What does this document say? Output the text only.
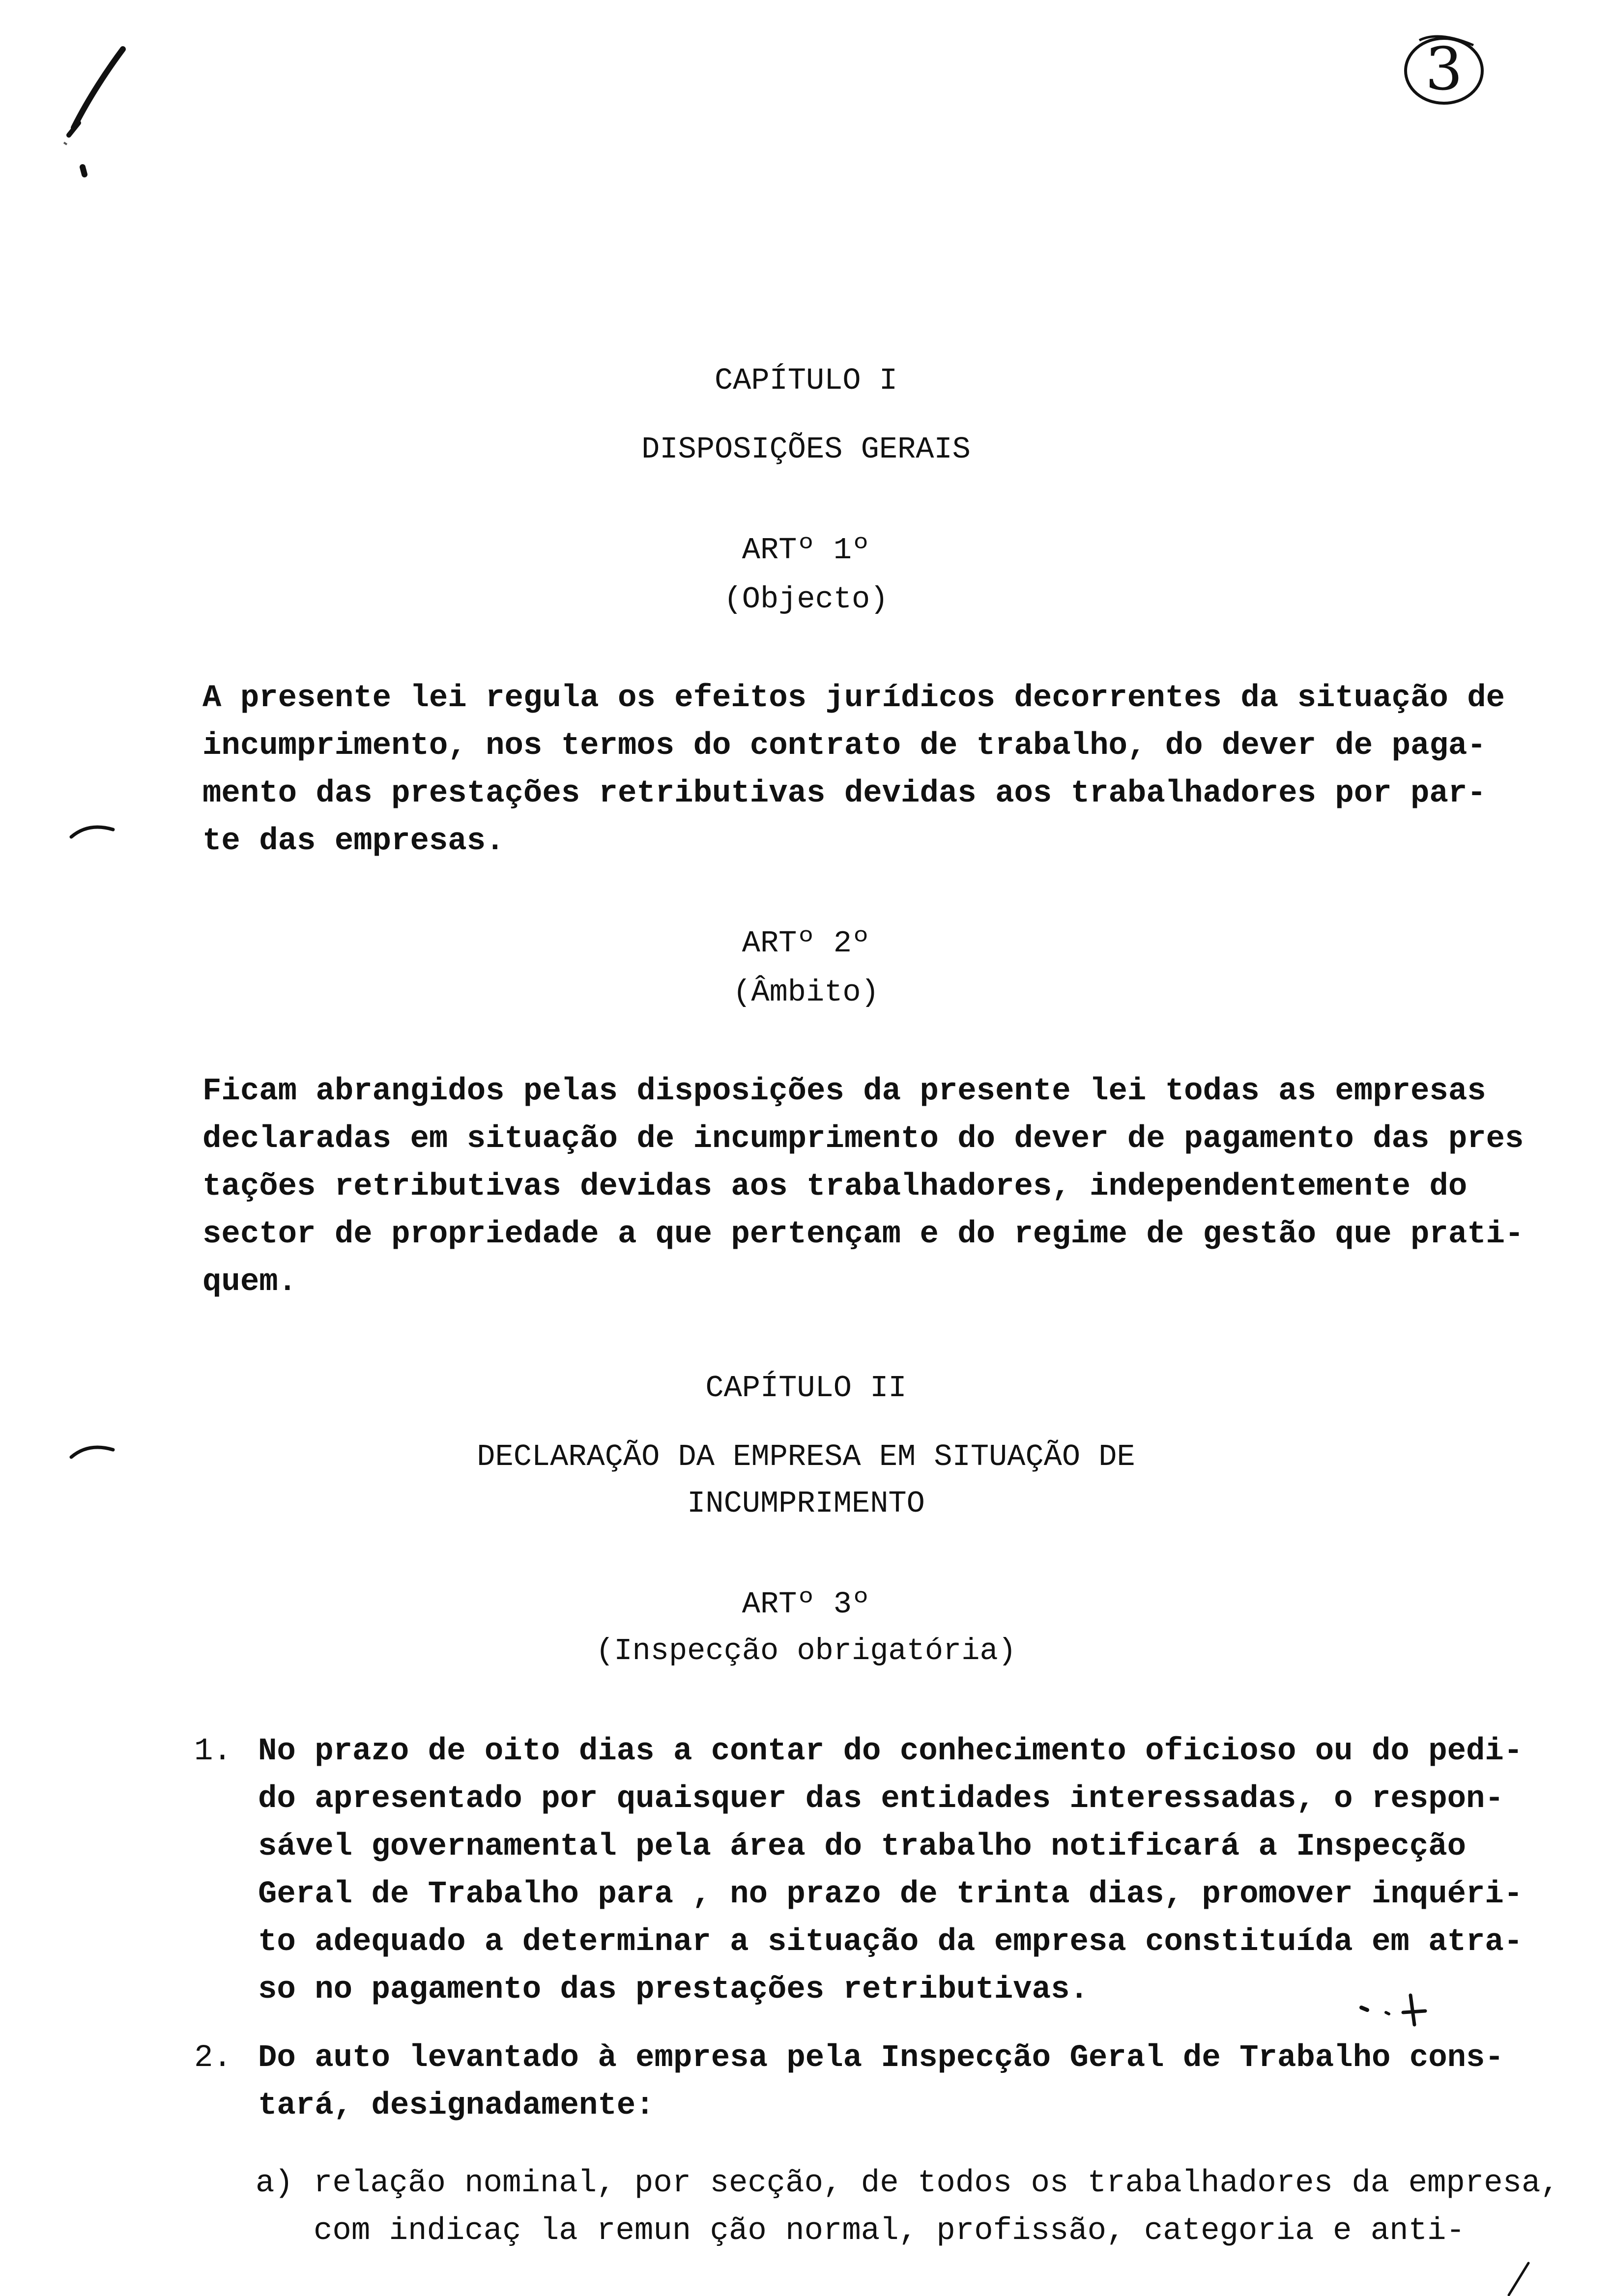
3
CAPÍTULO I
DISPOSIÇÕES GERAIS
ARTº 1º
(Objecto)
A presente lei regula os efeitos jurídicos decorrentes da situação de
incumprimento, nos termos do contrato de trabalho, do dever de paga-
mento das prestações retributivas devidas aos trabalhadores por par-
te das empresas.
ARTº 2º
(Âmbito)
Ficam abrangidos pelas disposições da presente lei todas as empresas
declaradas em situação de incumprimento do dever de pagamento das pres
tações retributivas devidas aos trabalhadores, independentemente do
sector de propriedade a que pertençam e do regime de gestão que prati-
quem.
CAPÍTULO II
DECLARAÇÃO DA EMPRESA EM SITUAÇÃO DE
INCUMPRIMENTO
ARTº 3º
(Inspecção obrigatória)
1. No prazo de oito dias a contar do conhecimento oficioso ou do pedi-
do apresentado por quaisquer das entidades interessadas, o respon-
sável governamental pela área do trabalho notificará a Inspecção
Geral de Trabalho para , no prazo de trinta dias, promover inquéri-
to adequado a determinar a situação da empresa constituída em atra-
so no pagamento das prestações retributivas.
2. Do auto levantado à empresa pela Inspecção Geral de Trabalho cons-
tará, designadamente:
a) relação nominal, por secção, de todos os trabalhadores da empresa,
com indicaç la remun ção normal, profissão, categoria e anti-
